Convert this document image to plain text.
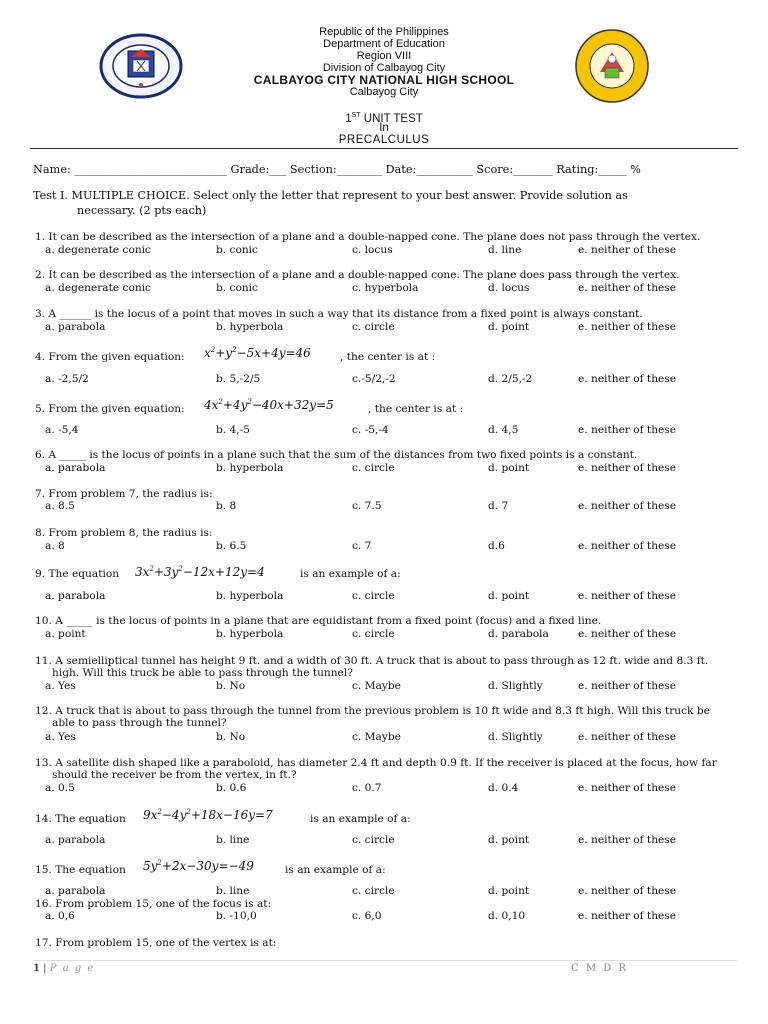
Republic of the Philippines
Department of Education
Region VIII
Division of Calbayog City
CALBAYOG CITY NATIONAL HIGH SCHOOL
Calbayog City
1ST UNIT TEST
In
PRECALCULUS
Name: ___________________________ Grade:___ Section:________ Date:__________ Score:_______ Rating:_____ %
Test I. MULTIPLE CHOICE. Select only the letter that represent to your best answer. Provide solution as
necessary. (2 pts each)
1. It can be described as the intersection of a plane and a double-napped cone. The plane does not pass through the vertex.
a. degenerate conic	b. conic	c. locus	d. line	e. neither of these
2. It can be described as the intersection of a plane and a double-napped cone. The plane does pass through the vertex.
a. degenerate conic	b. conic	c. hyperbola	d. locus	e. neither of these
3. A ______ is the locus of a point that moves in such a way that its distance from a fixed point is always constant.
a. parabola	b. hyperbola	c. circle	d. point	e. neither of these
4. From the given equation: $x^2+y^2-5x+4y=46$	, the center is at :
a. -2,5/2	b. 5,-2/5	c.-5/2,-2	d. 2/5,-2	e. neither of these
5. From the given equation: $4x^2+4y^2-40x+32y=5$	, the center is at :
a. -5,4	b. 4,-5	c. -5,-4	d. 4,5	e. neither of these
6. A _____ is the locus of points in a plane such that the sum of the distances from two fixed points is a constant.
a. parabola	b. hyperbola	c. circle	d. point	e. neither of these
7. From problem 7, the radius is:
a. 8.5	b. 8	c. 7.5	d. 7	e. neither of these
8. From problem 8, the radius is:
a. 8	b. 6.5	c. 7	d.6	e. neither of these
9. The equation $3x^2+3y^2-12x+12y=4$	is an example of a:
a. parabola	b. hyperbola	c. circle	d. point	e. neither of these
10. A _____ is the locus of points in a plane that are equidistant from a fixed point (focus) and a fixed line.
a. point	b. hyperbola	c. circle	d. parabola	e. neither of these
11. A semielliptical tunnel has height 9 ft. and a width of 30 ft. A truck that is about to pass through as 12 ft. wide and 8.3 ft.
high. Will this truck be able to pass through the tunnel?
a. Yes	b. No	c. Maybe	d. Slightly	e. neither of these
12. A truck that is about to pass through the tunnel from the previous problem is 10 ft wide and 8.3 ft high. Will this truck be
able to pass through the tunnel?
a. Yes	b. No	c. Maybe	d. Slightly	e. neither of these
13. A satellite dish shaped like a paraboloid, has diameter 2.4 ft and depth 0.9 ft. If the receiver is placed at the focus, how far
should the receiver be from the vertex, in ft.?
a. 0.5	b. 0.6	c. 0.7	d. 0.4	e. neither of these
14. The equation $9x^2-4y^2+18x-16y=7$	is an example of a:
a. parabola	b. line	c. circle	d. point	e. neither of these
15. The equation $5y^2+2x-30y=-49$	is an example of a:
a. parabola	b. line	c. circle	d. point	e. neither of these
16. From problem 15, one of the focus is at:
a. 0,6	b. -10,0	c. 6,0	d. 0,10	e. neither of these
17. From problem 15, one of the vertex is at:
1 | P a g e	C M D R
